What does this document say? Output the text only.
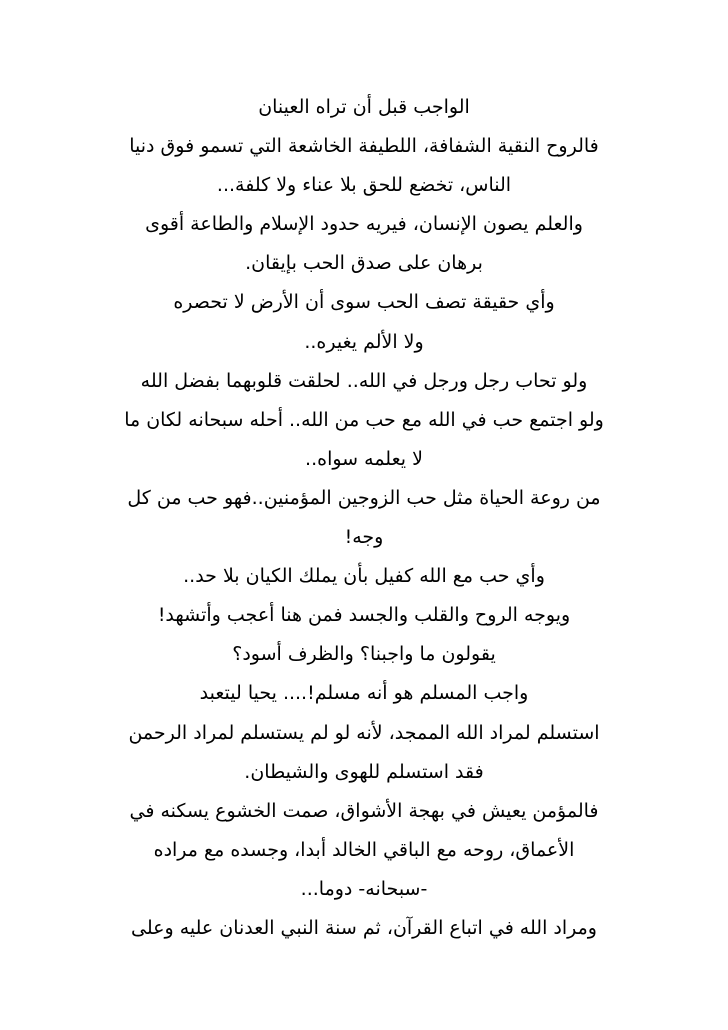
الواجب قبل أن تراه العينان
فالروح النقية الشفافة، اللطيفة الخاشعة التي تسمو فوق دنيا
الناس، تخضع للحق بلا عناء ولا كلفة...
والعلم يصون الإنسان، فيريه حدود الإسلام والطاعة أقوى
برهان على صدق الحب بإيقان.
وأي حقيقة تصف الحب سوى أن الأرض لا تحصره
ولا الألم يغيره..
ولو تحاب رجل ورجل في الله.. لحلقت قلوبهما بفضل الله
ولو اجتمع حب في الله مع حب من الله.. أحله سبحانه لكان ما
لا يعلمه سواه..
من روعة الحياة مثل حب الزوجين المؤمنين..فهو حب من كل
وجه!
وأي حب مع الله كفيل بأن يملك الكيان بلا حد..
ويوجه الروح والقلب والجسد فمن هنا أعجب وأتشهد!
يقولون ما واجبنا؟ والظرف أسود؟
واجب المسلم هو أنه مسلم!.... يحيا ليتعبد
استسلم لمراد الله الممجد، لأنه لو لم يستسلم لمراد الرحمن
فقد استسلم للهوى والشيطان.
فالمؤمن يعيش في بهجة الأشواق، صمت الخشوع يسكنه في
الأعماق، روحه مع الباقي الخالد أبدا، وجسده مع مراده
-سبحانه- دوما...
ومراد الله في اتباع القرآن، ثم سنة النبي العدنان عليه وعلى
